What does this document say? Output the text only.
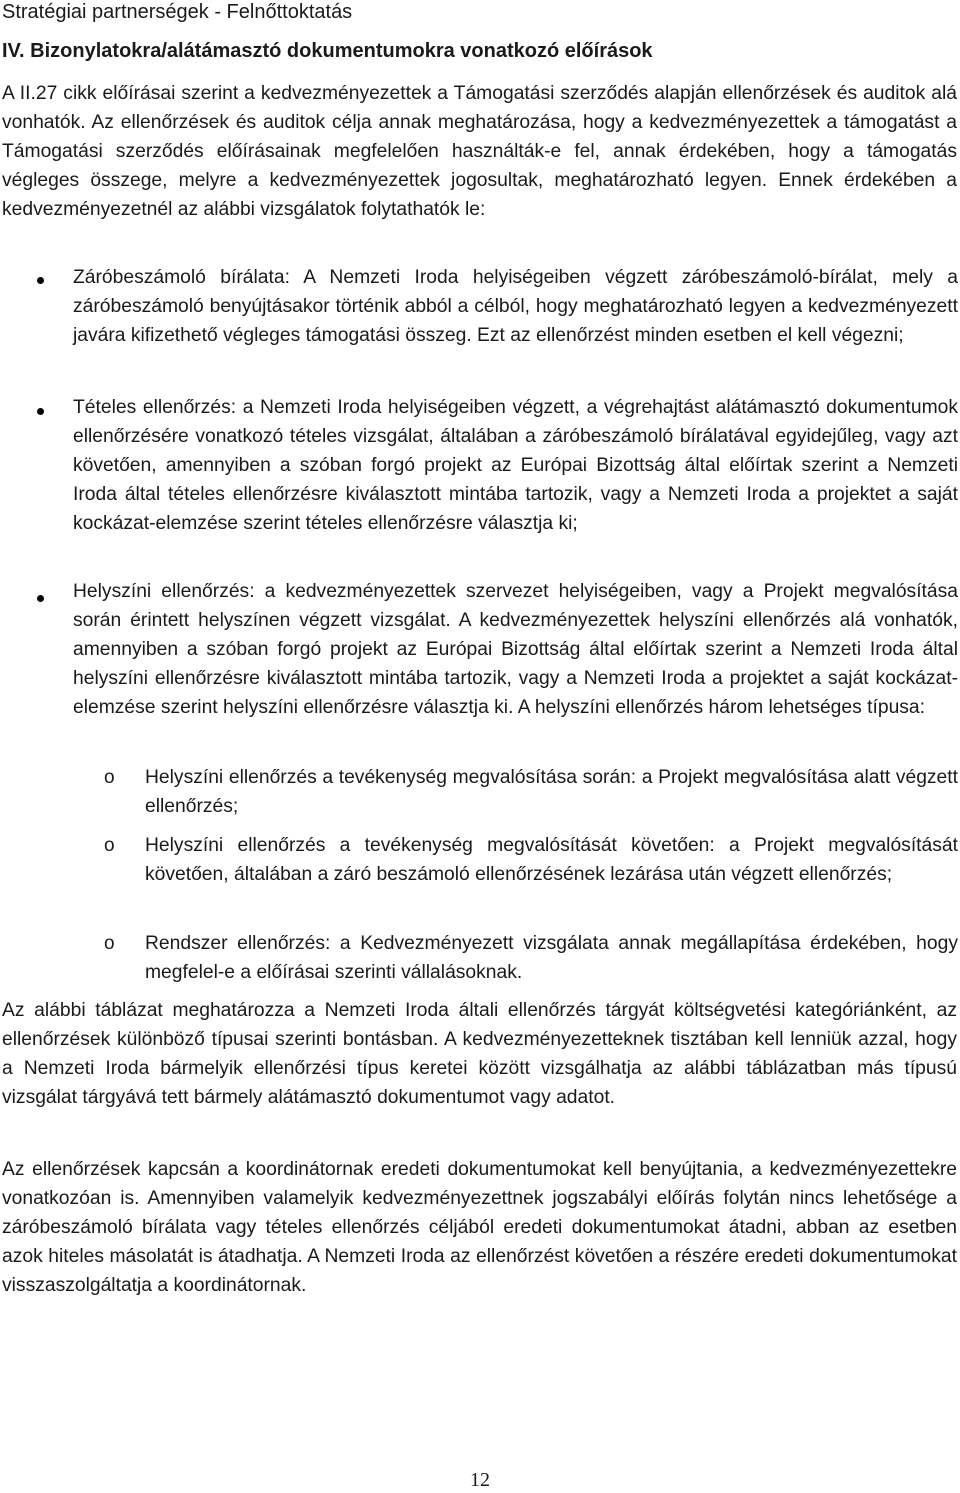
Stratégiai partnerségek - Felnőttoktatás
IV. Bizonylatokra/alátámasztó dokumentumokra vonatkozó előírások

A II.27 cikk előírásai szerint a kedvezményezettek a Támogatási szerződés alapján ellenőrzések és auditok alá vonhatók. Az ellenőrzések és auditok célja annak meghatározása, hogy a kedvezményezettek a támogatást a Támogatási szerződés előírásainak megfelelően használták-e fel, annak érdekében, hogy a támogatás végleges összege, melyre a kedvezményezettek jogosultak, meghatározható legyen. Ennek érdekében a kedvezményezetnél az alábbi vizsgálatok folytathatók le:

Záróbeszámoló bírálata: A Nemzeti Iroda helyiségeiben végzett záróbeszámoló-bírálat, mely a záróbeszámoló benyújtásakor történik abból a célból, hogy meghatározható legyen a kedvezményezett javára kifizethető végleges támogatási összeg. Ezt az ellenőrzést minden esetben el kell végezni;

Tételes ellenőrzés: a Nemzeti Iroda helyiségeiben végzett, a végrehajtást alátámasztó dokumentumok ellenőrzésére vonatkozó tételes vizsgálat, általában a záróbeszámoló bírálatával egyidejűleg, vagy azt követően, amennyiben a szóban forgó projekt az Európai Bizottság által előírtak szerint a Nemzeti Iroda által tételes ellenőrzésre kiválasztott mintába tartozik, vagy a Nemzeti Iroda a projektet a saját kockázat-elemzése szerint tételes ellenőrzésre választja ki;

Helyszíni ellenőrzés: a kedvezményezettek szervezet helyiségeiben, vagy a Projekt megvalósítása során érintett helyszínen végzett vizsgálat. A kedvezményezettek helyszíni ellenőrzés alá vonhatók, amennyiben a szóban forgó projekt az Európai Bizottság által előírtak szerint a Nemzeti Iroda által helyszíni ellenőrzésre kiválasztott mintába tartozik, vagy a Nemzeti Iroda a projektet a saját kockázat-elemzése szerint helyszíni ellenőrzésre választja ki. A helyszíni ellenőrzés három lehetséges típusa:

o Helyszíni ellenőrzés a tevékenység megvalósítása során: a Projekt megvalósítása alatt végzett ellenőrzés;

o Helyszíni ellenőrzés a tevékenység megvalósítását követően: a Projekt megvalósítását követően, általában a záró beszámoló ellenőrzésének lezárása után végzett ellenőrzés;

o Rendszer ellenőrzés: a Kedvezményezett vizsgálata annak megállapítása érdekében, hogy megfelel-e a előírásai szerinti vállalásoknak.

Az alábbi táblázat meghatározza a Nemzeti Iroda általi ellenőrzés tárgyát költségvetési kategóriánként, az ellenőrzések különböző típusai szerinti bontásban. A kedvezményezetteknek tisztában kell lenniük azzal, hogy a Nemzeti Iroda bármelyik ellenőrzési típus keretei között vizsgálhatja az alábbi táblázatban más típusú vizsgálat tárgyává tett bármely alátámasztó dokumentumot vagy adatot.

Az ellenőrzések kapcsán a koordinátornak eredeti dokumentumokat kell benyújtania, a kedvezményezettekre vonatkozóan is. Amennyiben valamelyik kedvezményezettnek jogszabályi előírás folytán nincs lehetősége a záróbeszámoló bírálata vagy tételes ellenőrzés céljából eredeti dokumentumokat átadni, abban az esetben azok hiteles másolatát is átadhatja. A Nemzeti Iroda az ellenőrzést követően a részére eredeti dokumentumokat visszaszolgáltatja a koordinátornak.

12
